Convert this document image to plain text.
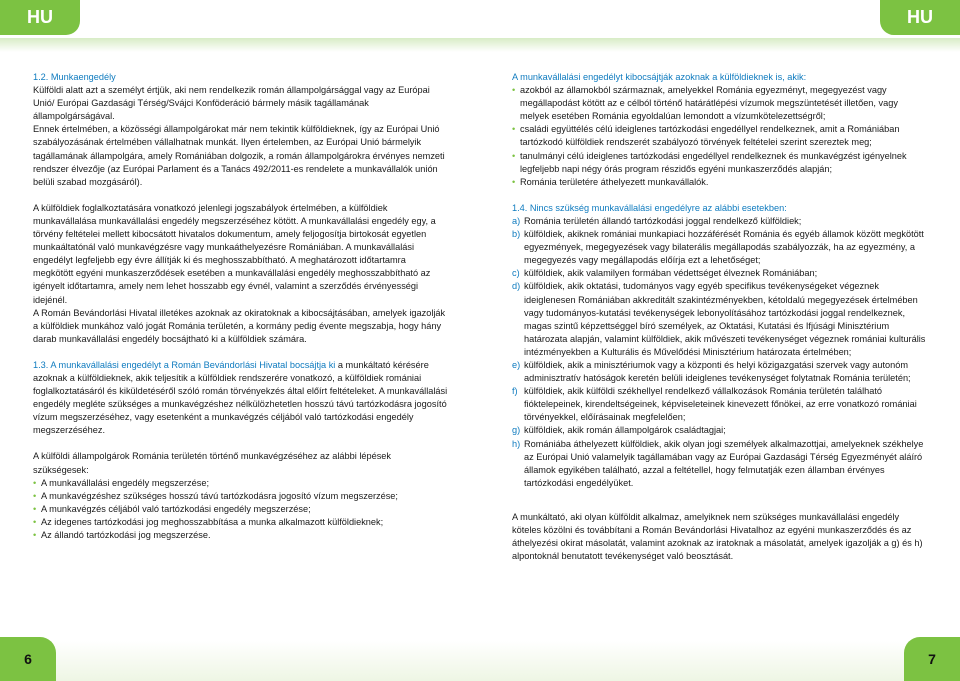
HU	HU
6	7
1.2. Munkaengedély

Külföldi alatt azt a személyt értjük, aki nem rendelkezik román állampolgársággal vagy az Európai Unió/ Európai Gazdasági Térség/Svájci Konföderáció bármely másik tagállamának állampolgárságával.
Ennek értelmében, a közösségi állampolgárokat már nem tekintik külföldieknek, így az Európai Unió szabályozásának értelmében vállalhatnak munkát. Ilyen értelemben, az Európai Unió bármelyik tagállamának állampolgára, amely Romániában dolgozik, a román állampolgárokra érvényes nemzeti rendszer élvezője (az Európai Parlament és a Tanács 492/2011-es rendelete a munkavállalók unión belüli szabad mozgásáról).

A külföldiek foglalkoztatására vonatkozó jelenlegi jogszabályok értelmében, a külföldiek munkavállalása munkavállalási engedély megszerzéséhez kötött. A munkavállalási engedély egy, a törvény feltételei mellett kibocsátott hivatalos dokumentum, amely feljogosítja birtokosát egyetlen munkaáltatónál való munkavégzésre vagy munkaáthelyezésre Romániában. A munkavállalási engedélyt legfeljebb egy évre állítják ki és meghosszabbítható. A meghatározott időtartamra megkötött egyéni munkaszerződések esetében a munkavállalási engedély meghosszabbítható az igényelt időtartamra, amely nem lehet hosszabb egy évnél, valamint a szerződés érvényességi idejénél.

A Román Bevándorlási Hivatal illetékes azoknak az okiratoknak a kibocsájtásában, amelyek igazolják a külföldiek munkához való jogát Románia területén, a kormány pedig évente megszabja, hogy hány darab munkavállalási engedély bocsájtható ki a külföldiek számára.

1.3. A munkavállalási engedélyt a Román Bevándorlási Hivatal bocsájtja ki a munkáltató kérésére azoknak a külföldieknek, akik teljesítik a külföldiek rendszerére vonatkozó, a külföldiek romániai foglalkoztatásáról és kiküldetéséről szóló román törvényekzés által előírt feltételeket. A munkavállalási engedély megléte szükséges a munkavégzéshez nélkülözhetetlen hosszú távú tartózkodásra jogosító vízum megszerzéséhez, vagy esetenként a munkavégzés céljából való tartózkodási engedély megszerzéséhez.

A külföldi állampolgárok Románia területén történő munkavégzéséhez az alábbi lépések szükségesek:

• A munkavállalási engedély megszerzése;
• A munkavégzéshez szükséges hosszú távú tartózkodásra jogosító vízum megszerzése;
• A munkavégzés céljából való tartózkodási engedély megszerzése;
• Az idegenes tartózkodási jog meghosszabbítása a munka alkalmazott külföldieknek;
• Az állandó tartózkodási jog megszerzése.
A munkavállalási engedélyt kibocsájtják azoknak a külföldieknek is, akik:
• azokból az államokból származnak, amelyekkel Románia egyezményt, megegyezést vagy megállapodást kötött az e célból történő határátlépési vízumok megszüntetését illetően, vagy melyek esetében Románia egyoldalúan lemondott a vízumkötelezettségről;
• családi együttélés célú ideiglenes tartózkodási engedéllyel rendelkeznek, amit a Romániában tartózkodó külföldiek rendszerét szabályozó törvények feltételei szerint szereztek meg;
• tanulmányi célú ideiglenes tartózkodási engedéllyel rendelkeznek és munkavégzést igényelnek legfeljebb napi négy órás program részidős egyéni munkaszerződés alapján;
• Románia területére áthelyezett munkavállalók.
1.4. Nincs szükség munkavállalási engedélyre az alábbi esetekben:
a) Románia területén állandó tartózkodási joggal rendelkező külföldiek;
b) külföldiek, akiknek romániai munkapiaci hozzáférését Románia és egyéb államok között megkötött egyezmények, megegyezések vagy bilaterális megállapodás szabályozzák, ha az egyezmény, a megegyezés vagy megállapodás előírja ezt a lehetőséget;
c) külföldiek, akik valamilyen formában védettséget élveznek Romániában;
d) külföldiek, akik oktatási, tudományos vagy egyéb specifikus tevékenységeket végeznek ideiglenesen Romániában akkreditált szakintézményekben, kétoldalú megegyezések értelmében vagy tudományos-kutatási tevékenységek lebonyolításához tartózkodási joggal rendelkeznek, magas szintű képzettséggel bíró személyek, az Oktatási, Kutatási és Ifjúsági Minisztérium határozata alapján, valamint külföldiek, akik művészeti tevékenységet végeznek romániai kulturális intézményekben a Kulturális és Művelődési Minisztérium határozata értelmében;
e) külföldiek, akik a minisztériumok vagy a központi és helyi közigazgatási szervek vagy autonóm adminisztratív hatóságok keretén belüli ideiglenes tevékenységet folytatnak Románia területén;
f) külföldiek, akik külföldi székhellyel rendelkező vállalkozások Románia területén található fióktelepeinek, kirendeltségeinek, képviseleteinek kinevezett főnökei, az erre vonatkozó romániai törvényekkel, előírásainak megfelelően;
g) külföldiek, akik román állampolgárok családtagjai;
h) Romániába áthelyezett külföldiek, akik olyan jogi személyek alkalmazottjai, amelyeknek székhelye az Európai Unió valamelyik tagállamában vagy az Európai Gazdasági Térség Egyezményét aláíró államok egyikében található, azzal a feltétellel, hogy felmutatják ezen államban érvényes tartózkodási engedélyüket.

A munkáltató, aki olyan külföldit alkalmaz, amelyiknek nem szükséges munkavállalási engedély köteles közölni és továbbítani a Román Bevándorlási Hivatalhoz az egyéni munkaszerződés és az áthelyezési okirat másolatát, valamint azoknak az iratoknak a másolatát, amelyek igazolják a g) és h) alpontoknál benutatott tevékenységet való beosztását.
